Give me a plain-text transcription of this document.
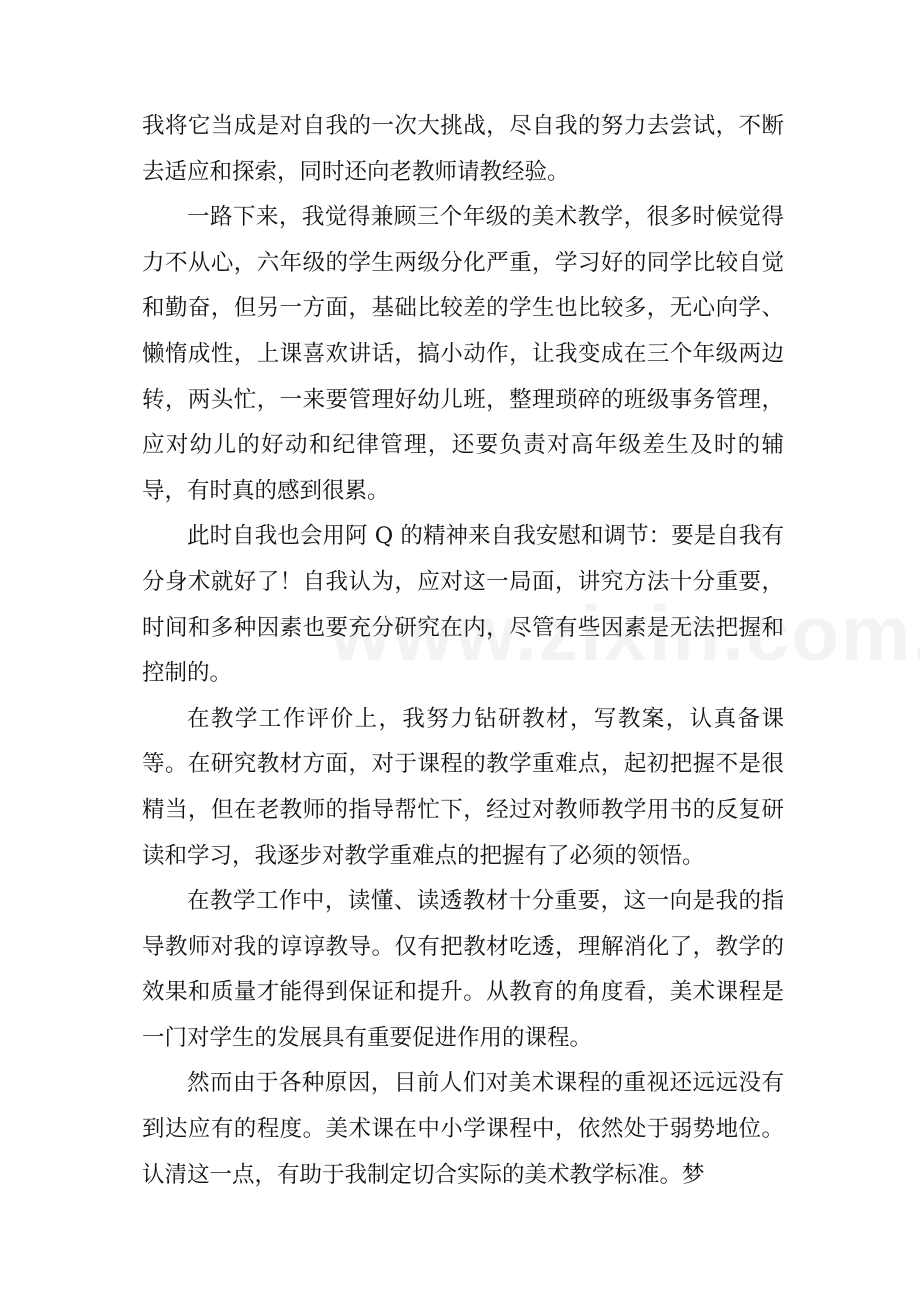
我将它当成是对自我的一次大挑战，尽自我的努力去尝试，不断去适应和探索，同时还向老教师请教经验。

一路下来，我觉得兼顾三个年级的美术教学，很多时候觉得力不从心，六年级的学生两级分化严重，学习好的同学比较自觉和勤奋，但另一方面，基础比较差的学生也比较多，无心向学、懒惰成性，上课喜欢讲话，搞小动作，让我变成在三个年级两边转，两头忙，一来要管理好幼儿班，整理琐碎的班级事务管理，应对幼儿的好动和纪律管理，还要负责对高年级差生及时的辅导，有时真的感到很累。

此时自我也会用阿 Q 的精神来自我安慰和调节：要是自我有分身术就好了！自我认为，应对这一局面，讲究方法十分重要，时间和多种因素也要充分研究在内，尽管有些因素是无法把握和控制的。

在教学工作评价上，我努力钻研教材，写教案，认真备课等。在研究教材方面，对于课程的教学重难点，起初把握不是很精当，但在老教师的指导帮忙下，经过对教师教学用书的反复研读和学习，我逐步对教学重难点的把握有了必须的领悟。

在教学工作中，读懂、读透教材十分重要，这一向是我的指导教师对我的谆谆教导。仅有把教材吃透，理解消化了，教学的效果和质量才能得到保证和提升。从教育的角度看，美术课程是一门对学生的发展具有重要促进作用的课程。

然而由于各种原因，目前人们对美术课程的重视还远远没有到达应有的程度。美术课在中小学课程中，依然处于弱势地位。认清这一点，有助于我制定切合实际的美术教学标准。梦
